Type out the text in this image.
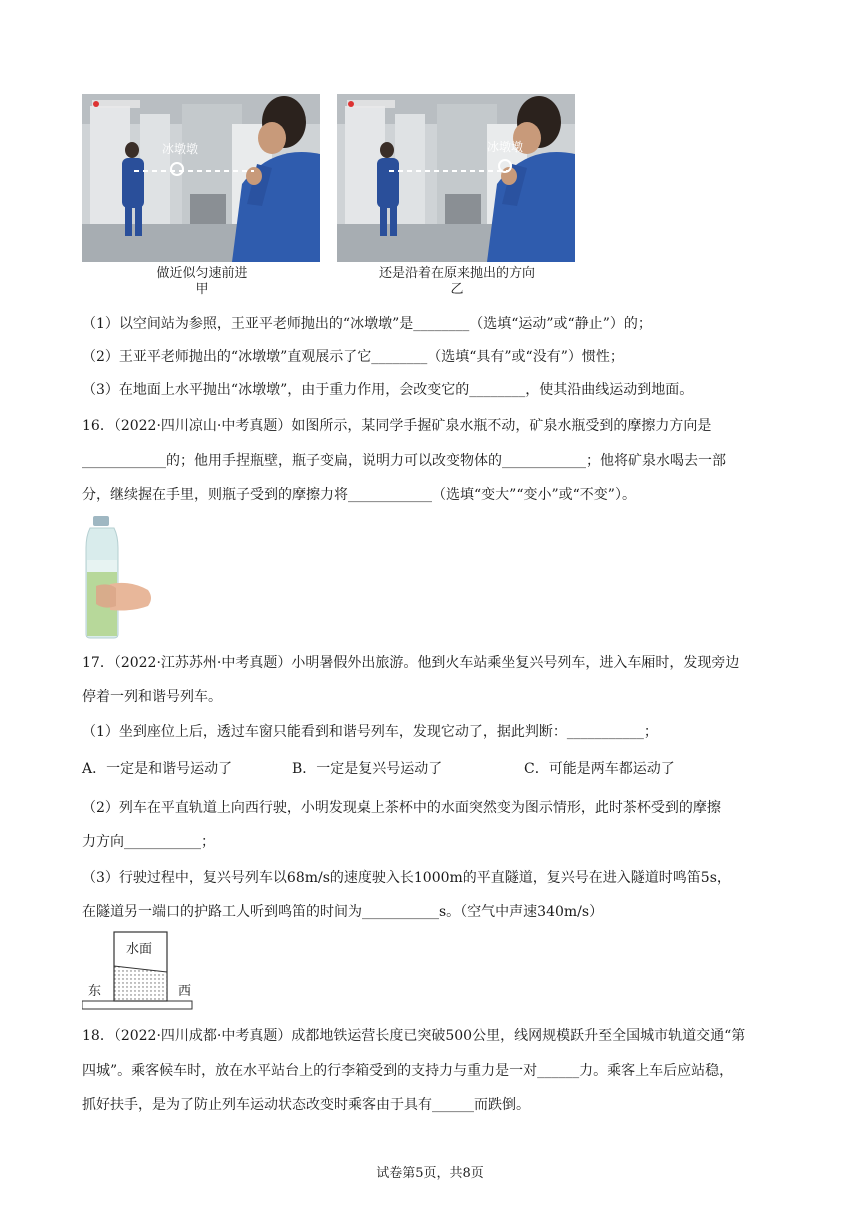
冰墩墩
做近似匀速前进
甲
冰墩墩
还是沿着在原来抛出的方向
乙
（1）以空间站为参照，王亚平老师抛出的“冰墩墩”是________（选填“运动”或“静止”）的；
（2）王亚平老师抛出的“冰墩墩”直观展示了它________（选填“具有”或“没有”）惯性；
（3）在地面上水平抛出“冰墩墩”，由于重力作用，会改变它的________，使其沿曲线运动到地面。
16．（2022·四川凉山·中考真题）如图所示，某同学手握矿泉水瓶不动，矿泉水瓶受到的摩擦力方向是
____________的；他用手捏瓶壁，瓶子变扁，说明力可以改变物体的____________；他将矿泉水喝去一部
分，继续握在手里，则瓶子受到的摩擦力将____________（选填“变大”“变小”或“不变”）。
17．（2022·江苏苏州·中考真题）小明暑假外出旅游。他到火车站乘坐复兴号列车，进入车厢时，发现旁边
停着一列和谐号列车。
（1）坐到座位上后，透过车窗只能看到和谐号列车，发现它动了，据此判断：___________；
A．一定是和谐号运动了	B．一定是复兴号运动了	C．可能是两车都运动了
（2）列车在平直轨道上向西行驶，小明发现桌上茶杯中的水面突然变为图示情形，此时茶杯受到的摩擦
力方向___________；
（3）行驶过程中，复兴号列车以68m/s的速度驶入长1000m的平直隧道，复兴号在进入隧道时鸣笛5s，
在隧道另一端口的护路工人听到鸣笛的时间为___________s。（空气中声速340m/s）
水面
东	西
18．（2022·四川成都·中考真题）成都地铁运营长度已突破500公里，线网规模跃升至全国城市轨道交通“第
四城”。乘客候车时，放在水平站台上的行李箱受到的支持力与重力是一对______力。乘客上车后应站稳，
抓好扶手，是为了防止列车运动状态改变时乘客由于具有______而跌倒。
试卷第5页，共8页
